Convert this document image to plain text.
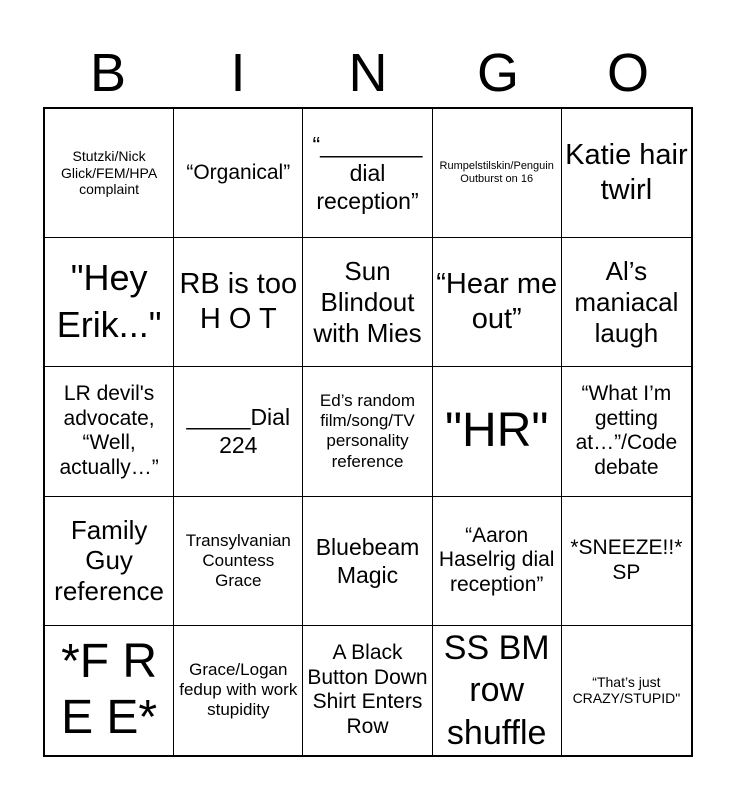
B	I	N	G	O
Stutzki/Nick Glick/FEM/HPA complaint
“Organical”
“________ dial reception”
Rumpelstilskin/Penguin Outburst on 16
Katie hair twirl
"Hey Erik..."
RB is too H O T
Sun Blindout with Mies
“Hear me out”
Al’s maniacal laugh
LR devil's advocate, “Well, actually…”
_____Dial 224
Ed’s random film/song/TV personality reference
"HR"
“What I’m getting at…”/Code debate
Family Guy reference
Transylvanian Countess Grace
Bluebeam Magic
“Aaron Haselrig dial reception”
*SNEEZE!!* SP
*F R E E*
Grace/Logan fedup with work stupidity
A Black Button Down Shirt Enters Row
SS BM row shuffle
“That’s just CRAZY/STUPID"
